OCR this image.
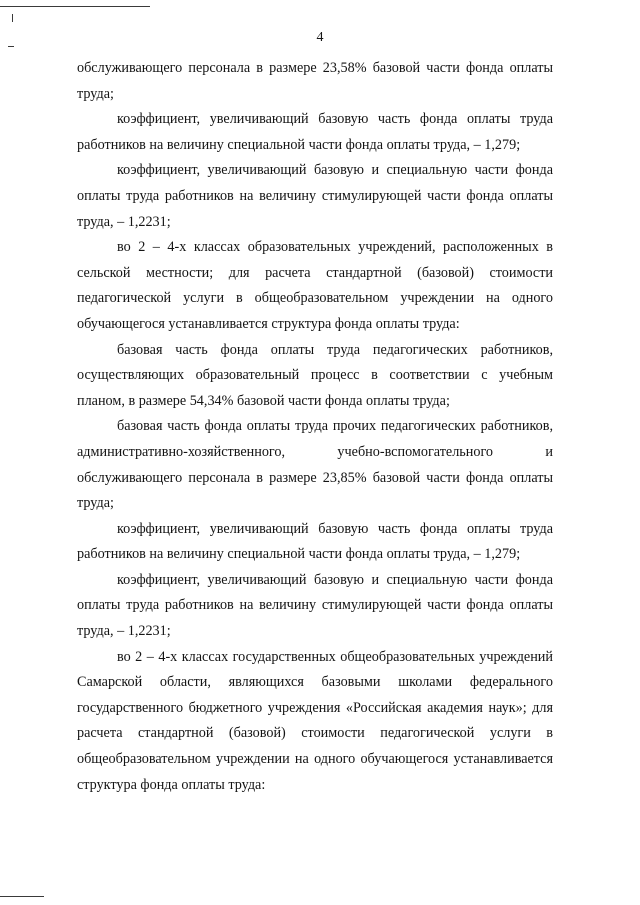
4

обслуживающего персонала в размере 23,58% базовой части фонда оплаты труда;

коэффициент, увеличивающий базовую часть фонда оплаты труда работников на величину специальной части фонда оплаты труда, – 1,279;

коэффициент, увеличивающий базовую и специальную части фонда оплаты труда работников на величину стимулирующей части фонда оплаты труда, – 1,2231;

во 2 – 4-х классах образовательных учреждений, расположенных в сельской местности; для расчета стандартной (базовой) стоимости педагогической услуги в общеобразовательном учреждении на одного обучающегося устанавливается структура фонда оплаты труда:

базовая часть фонда оплаты труда педагогических работников, осуществляющих образовательный процесс в соответствии с учебным планом, в размере 54,34% базовой части фонда оплаты труда;

базовая часть фонда оплаты труда прочих педагогических работников, административно-хозяйственного, учебно-вспомогательного и обслуживающего персонала в размере 23,85% базовой части фонда оплаты труда;

коэффициент, увеличивающий базовую часть фонда оплаты труда работников на величину специальной части фонда оплаты труда, – 1,279;

коэффициент, увеличивающий базовую и специальную части фонда оплаты труда работников на величину стимулирующей части фонда оплаты труда, – 1,2231;

во 2 – 4-х классах государственных общеобразовательных учреждений Самарской области, являющихся базовыми школами федерального государственного бюджетного учреждения «Российская академия наук»; для расчета стандартной (базовой) стоимости педагогической услуги в общеобразовательном учреждении на одного обучающегося устанавливается структура фонда оплаты труда:
